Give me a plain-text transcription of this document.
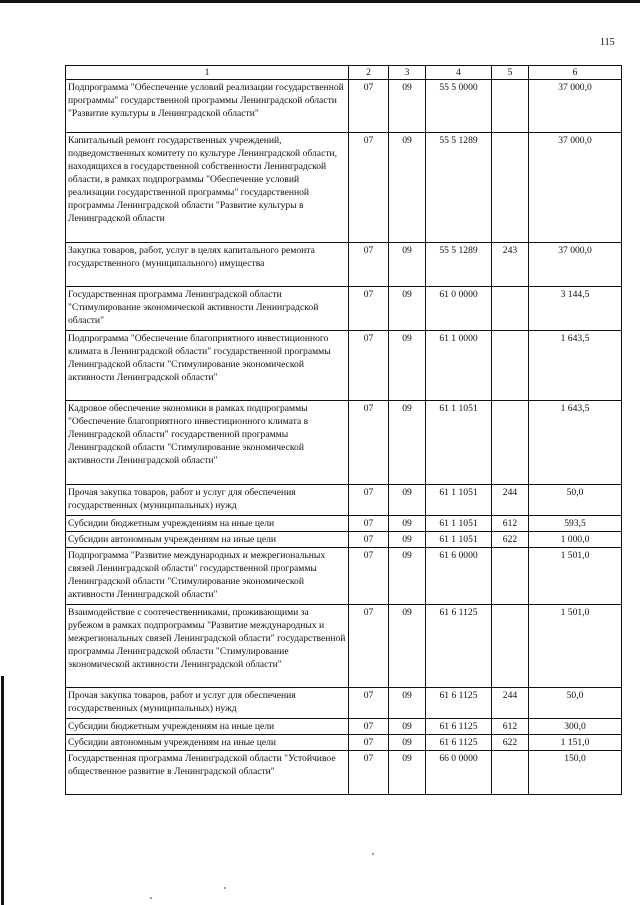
115
1	2	3	4	5	6
Подпрограмма "Обеспечение условий реализации государственной программы" государственной программы Ленинградской области "Развитие культуры в Ленинградской области"	07	09	55 5 0000		37 000,0
Капитальный ремонт государственных учреждений, подведомственных комитету по культуре Ленинградской области, находящихся в государственной собственности Ленинградской области, в рамках подпрограммы "Обеспечение условий реализации государственной программы" государственной программы Ленинградской области "Развитие культуры в Ленинградской области	07	09	55 5 1289		37 000,0
Закупка товаров, работ, услуг в целях капитального ремонта государственного (муниципального) имущества	07	09	55 5 1289	243	37 000,0
Государственная программа Ленинградской области "Стимулирование экономической активности Ленинградской области"	07	09	61 0 0000		3 144,5
Подпрограмма "Обеспечение благоприятного инвестиционного климата в Ленинградской области" государственной программы Ленинградской области "Стимулирование экономической активности Ленинградской области"	07	09	61 1 0000		1 643,5
Кадровое обеспечение экономики в рамках подпрограммы "Обеспечение благоприятного инвестиционного климата в Ленинградской области" государственной программы Ленинградской области "Стимулирование экономической активности Ленинградской области"	07	09	61 1 1051		1 643,5
Прочая закупка товаров, работ и услуг для обеспечения государственных (муниципальных) нужд	07	09	61 1 1051	244	50,0
Субсидии бюджетным учреждениям на иные цели	07	09	61 1 1051	612	593,5
Субсидии автономным учреждениям на иные цели	07	09	61 1 1051	622	1 000,0
Подпрограмма "Развитие международных и межрегиональных связей Ленинградской области" государственной программы Ленинградской области "Стимулирование экономической активности Ленинградской области"	07	09	61 6 0000		1 501,0
Взаимодействие с соотечественниками, проживающими за рубежом в рамках подпрограммы "Развитие международных и межрегиональных связей Ленинградской области" государственной программы Ленинградской области "Стимулирование экономической активности Ленинградской области"	07	09	61 6 1125		1 501,0
Прочая закупка товаров, работ и услуг для обеспечения государственных (муниципальных) нужд	07	09	61 6 1125	244	50,0
Субсидии бюджетным учреждениям на иные цели	07	09	61 6 1125	612	300,0
Субсидии автономным учреждениям на иные цели	07	09	61 6 1125	622	1 151,0
Государственная программа Ленинградской области "Устойчивое общественное развитие в Ленинградской области"	07	09	66 0 0000		150,0
